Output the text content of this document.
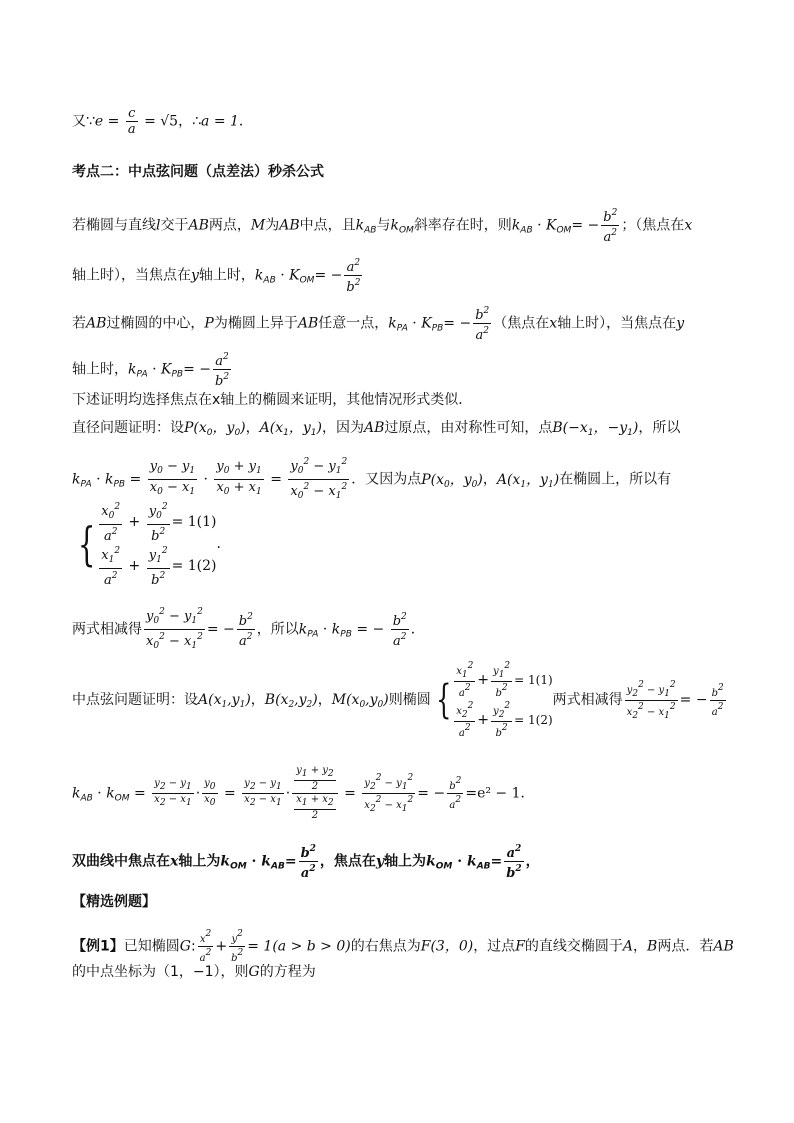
又∵e = $\frac{c}{a} = √5$，∴a = 1．
考点二：中点弦问题（点差法）秒杀公式
若椭圆与直线l交于AB两点，M为AB中点，且$k_{AB}$与$k_{OM}$斜率存在时，则$k_{AB} \cdot K_{OM}= - \frac{b^2}{a^2}$ ；（焦点在x
轴上时），当焦点在y轴上时，$k_{AB} \cdot K_{OM}= - \frac{a^2}{b^2}$
若AB过椭圆的中心，P为椭圆上异于AB任意一点，$k_{PA} \cdot K_{PB}= - \frac{b^2}{a^2}$ （焦点在x轴上时），当焦点在y
轴上时，$k_{PA} \cdot K_{PB}= - \frac{a^2}{b^2}$
下述证明均选择焦点在x轴上的椭圆来证明，其他情况形式类似．
直径问题证明：设$P(x_0$，$y_0$)，$A(x_1$，$y_1$)，因为AB过原点，由对称性可知，点$B(-x_1$，$-y_1$)，所以
$k_{PA} \cdot k_{PB} = \frac{y_0 - y_1}{x_0 - x_1} \cdot \frac{y_0 + y_1}{x_0 + x_1} = \frac{y_0^2 - y_1^2}{x_0^2 - x_1^2}$ ．又因为点$P(x_0$，$y_0$)，$A(x_1$，$y_1$)在椭圆上，所以有
{ $\frac{x_0^2}{a^2} + \frac{y_0^2}{b^2} = 1(1)$
$\frac{x_1^2}{a^2} + \frac{y_1^2}{b^2} = 1(2)$
．
两式相减得 $\frac{y_0^2 - y_1^2}{x_0^2 - x_1^2}$ = − $\frac{b^2}{a^2}$ ，所以$k_{PA} \cdot k_{PB}$ = − $\frac{b^2}{a^2}$ ．
中点弦问题证明：设$A(x_1,y_1)$，$B(x_2,y_2)$，$M(x_0,y_0)$则椭圆 { $\frac{x12}{a2} + \frac{y12}{b2} = 1(1)$
$\frac{x22}{a2} + \frac{y22}{b2} = 1(2)$
两式相减得 $\frac{y22 - y12}{x22 - x12}$ = − $\frac{b2}{a2}$
$k_{AB} \cdot k_{OM} = \frac{y2 - y1}{x2 - x1} \cdot \frac{y0}{x0} = \frac{y2 - y1}{x2 - x1} \cdot \frac{\frac{y1 + y2}{2}}{\frac{x1 + x2}{2}} = \frac{y22 - y12}{x22 - x12}$ = − $\frac{b2}{a2} =e^2 - 1$．
双曲线中焦点在x轴上为$k_{OM} \cdot k_{AB}= \frac{b^2}{a^2}$ ，焦点在y轴上为$k_{OM} \cdot k_{AB}= \frac{a^2}{b^2}$ ，
【精选例题】
【例1】已知椭圆G: $\frac{x2}{a2} + \frac{y2}{b2} = 1(a > b > 0)$的右焦点为F(3，0)，过点F的直线交椭圆于A，B两点．若AB
的中点坐标为（1，−1），则G的方程为
